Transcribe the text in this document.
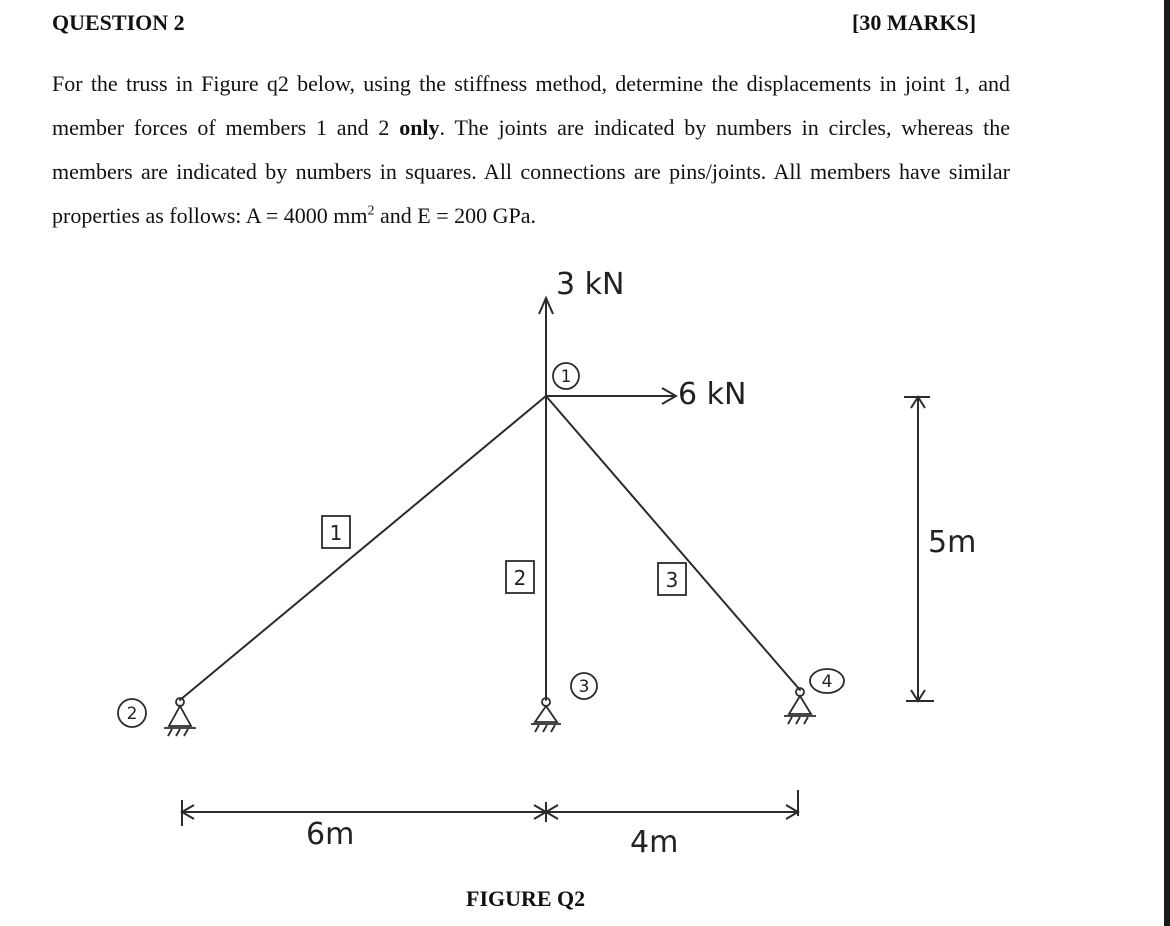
QUESTION 2	[30 MARKS]

For the truss in Figure q2 below, using the stiffness method, determine the displacements in joint 1, and member forces of members 1 and 2 only. The joints are indicated by numbers in circles, whereas the members are indicated by numbers in squares. All connections are pins/joints. All members have similar properties as follows: A = 4000 $mm^2$ and E = 200 GPa.

3 kN
6 kN
1
2
3	4
1
2	3
5m
6m	4m
FIGURE Q2
